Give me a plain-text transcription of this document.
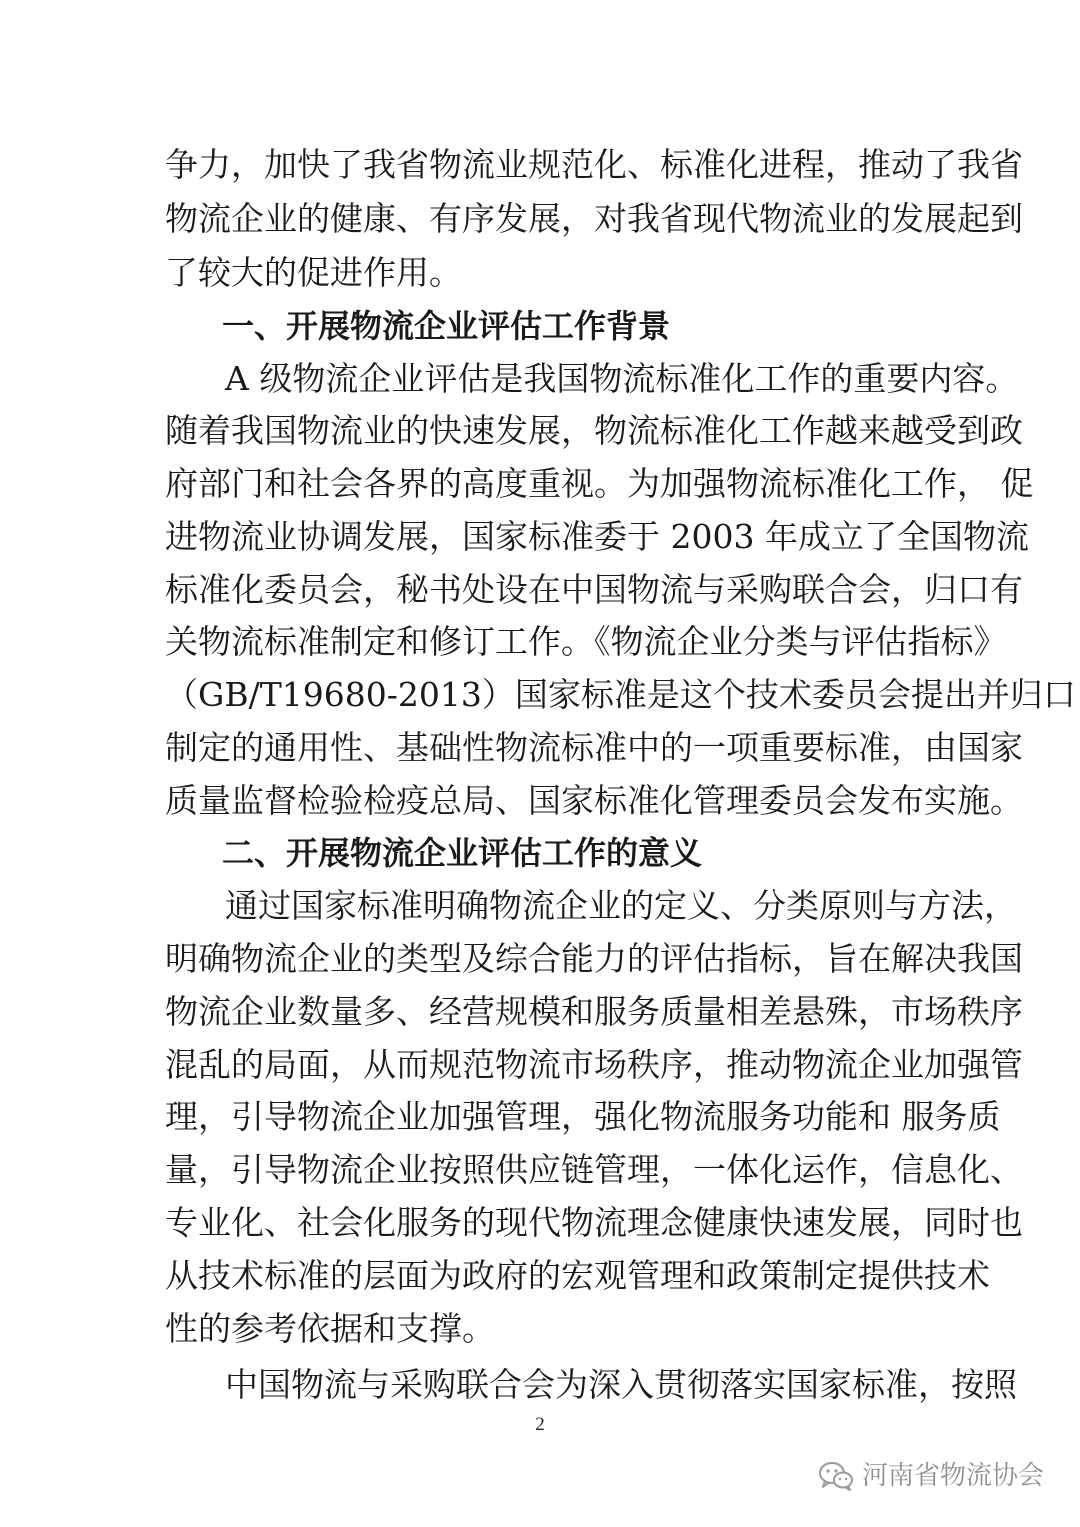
争力，加快了我省物流业规范化、标准化进程，推动了我省
物流企业的健康、有序发展，对我省现代物流业的发展起到
了较大的促进作用。
一、开展物流企业评估工作背景
A 级物流企业评估是我国物流标准化工作的重要内容。
随着我国物流业的快速发展，物流标准化工作越来越受到政
府部门和社会各界的高度重视。为加强物流标准化工作， 促
进物流业协调发展，国家标准委于 2003 年成立了全国物流
标准化委员会，秘书处设在中国物流与采购联合会，归口有
关物流标准制定和修订工作。《物流企业分类与评估指标》
（GB/T19680-2013）国家标准是这个技术委员会提出并归口
制定的通用性、基础性物流标准中的一项重要标准，由国家
质量监督检验检疫总局、国家标准化管理委员会发布实施。
二、开展物流企业评估工作的意义
通过国家标准明确物流企业的定义、分类原则与方法，
明确物流企业的类型及综合能力的评估指标，旨在解决我国
物流企业数量多、经营规模和服务质量相差悬殊，市场秩序
混乱的局面，从而规范物流市场秩序，推动物流企业加强管
理，引导物流企业加强管理，强化物流服务功能和 服务质
量，引导物流企业按照供应链管理，一体化运作，信息化、
专业化、社会化服务的现代物流理念健康快速发展，同时也
从技术标准的层面为政府的宏观管理和政策制定提供技术
性的参考依据和支撑。
中国物流与采购联合会为深入贯彻落实国家标准，按照
2
河南省物流协会
